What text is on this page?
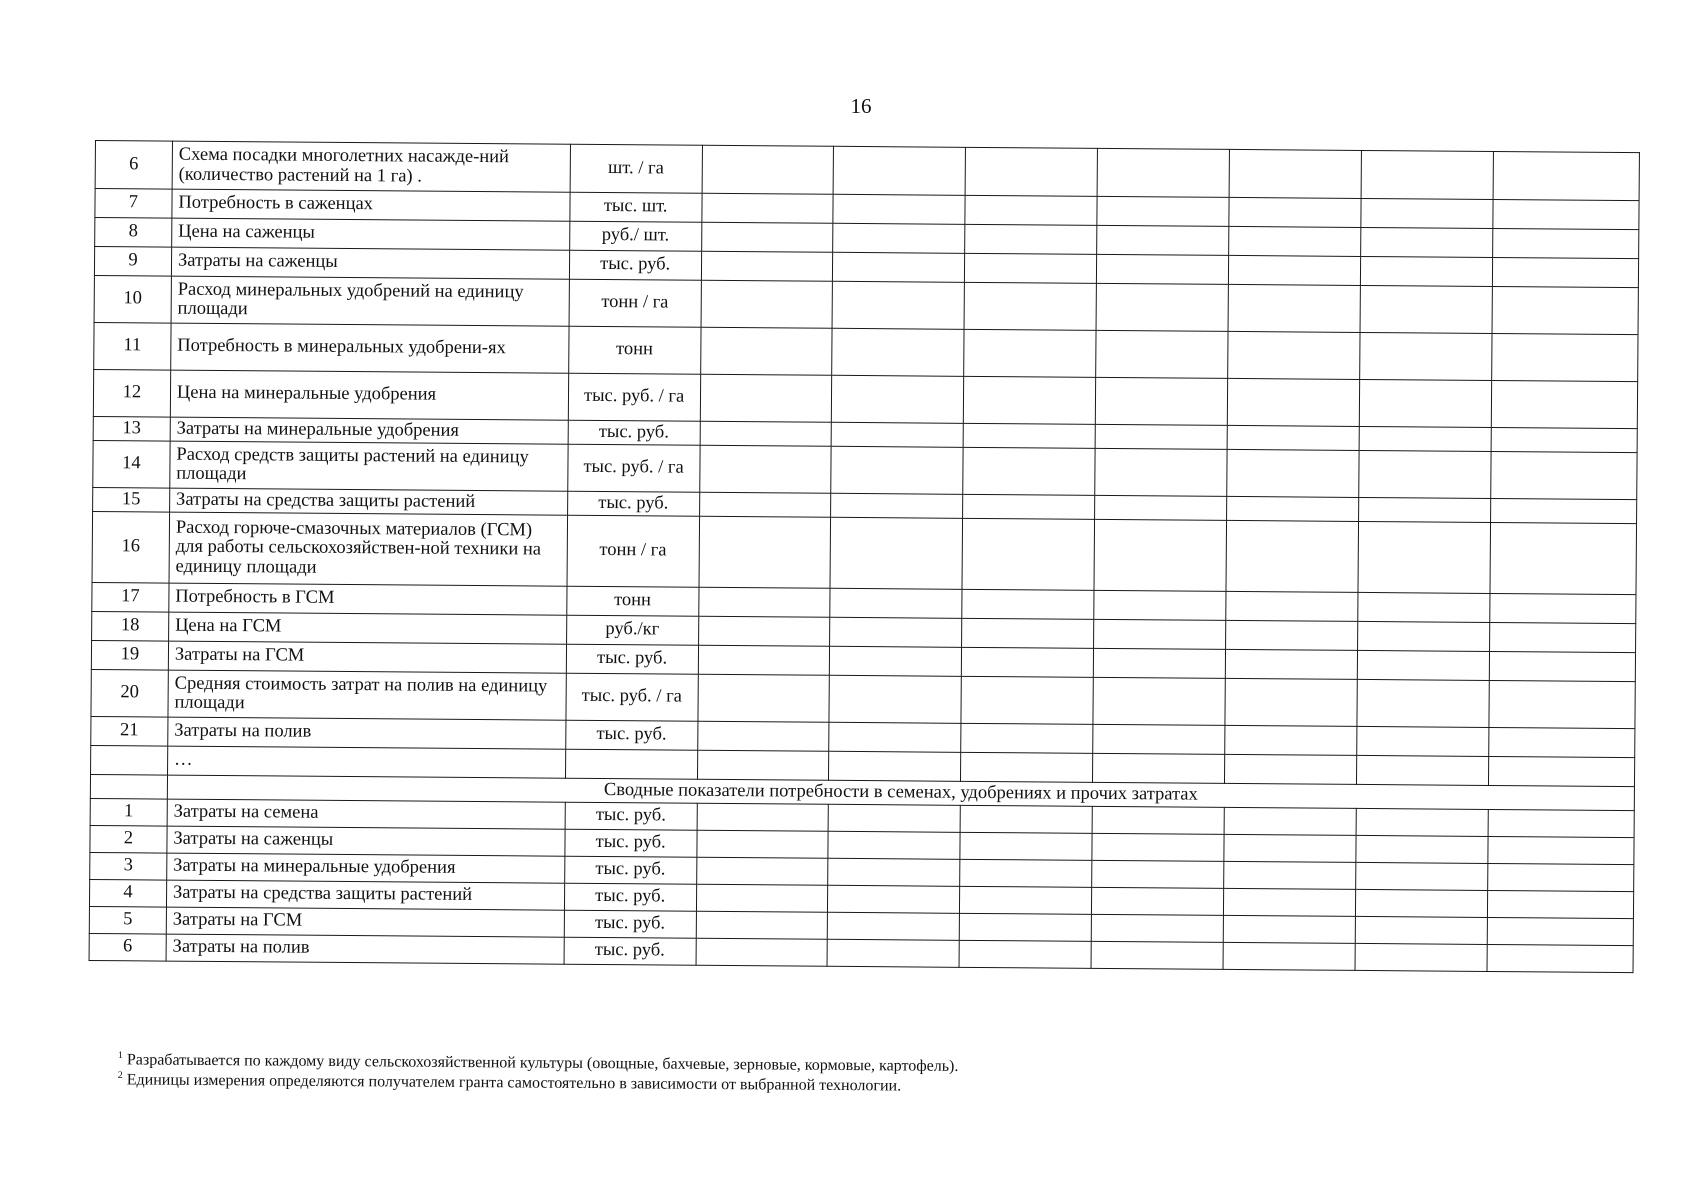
16
6	Схема посадки многолетних насажде-ний (количество растений на 1 га) .	шт. / га							
7	Потребность в саженцах	тыс. шт.							
8	Цена на саженцы	руб./ шт.							
9	Затраты на саженцы	тыс. руб.							
10	Расход минеральных удобрений на единицу площади	тонн / га							
11	Потребность в минеральных удобрени-ях	тонн							
12	Цена на минеральные удобрения	тыс. руб. / га							
13	Затраты на минеральные удобрения	тыс. руб.							
14	Расход средств защиты растений на единицу площади	тыс. руб. / га							
15	Затраты на средства защиты растений	тыс. руб.							
16	Расход горюче-смазочных материалов (ГСМ) для работы сельскохозяйствен-ной техники на единицу площади	тонн / га							
17	Потребность в ГСМ	тонн							
18	Цена на ГСМ	руб./кг							
19	Затраты на ГСМ	тыс. руб.							
20	Средняя стоимость затрат на полив на единицу площади	тыс. руб. / га							
21	Затраты на полив	тыс. руб.							
	…								
	Сводные показатели потребности в семенах, удобрениях и прочих затратах								
1	Затраты на семена	тыс. руб.							
2	Затраты на саженцы	тыс. руб.							
3	Затраты на минеральные удобрения	тыс. руб.							
4	Затраты на средства защиты растений	тыс. руб.							
5	Затраты на ГСМ	тыс. руб.							
6	Затраты на полив	тыс. руб.							
$^1$ Разрабатывается по каждому виду сельскохозяйственной культуры (овощные, бахчевые, зерновые, кормовые, картофель).
$^2$ Единицы измерения определяются получателем гранта самостоятельно в зависимости от выбранной технологии.
